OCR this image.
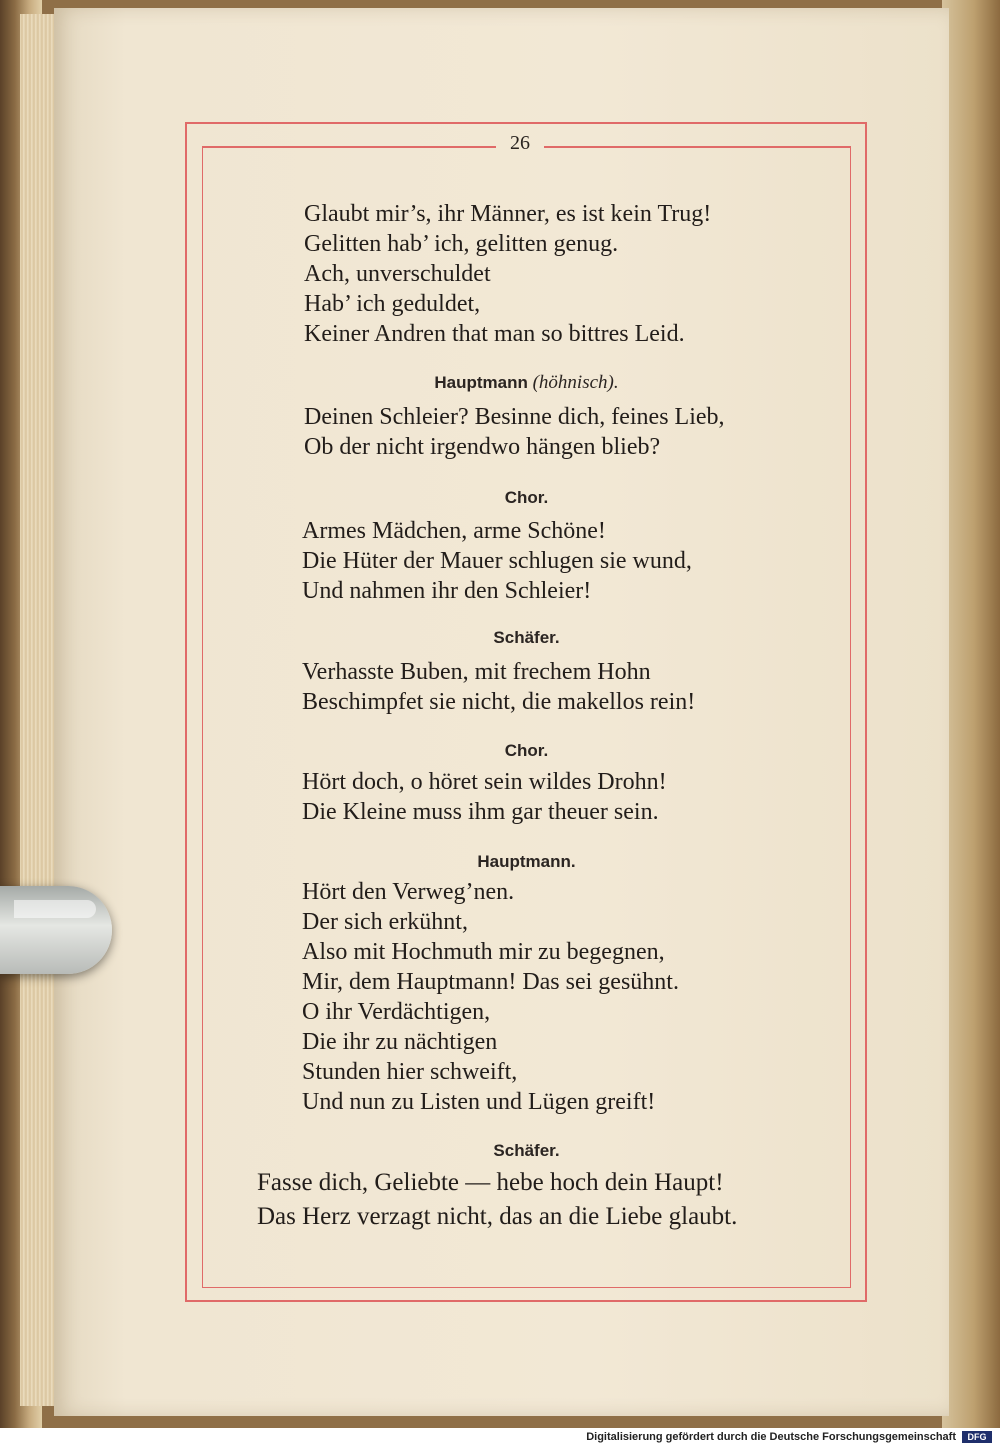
26
Glaubt mir’s, ihr Männer, es ist kein Trug!
Gelitten hab’ ich, gelitten genug.
Ach, unverschuldet
Hab’ ich geduldet,
Keiner Andren that man so bittres Leid.
Hauptmann (höhnisch).
Deinen Schleier? Besinne dich, feines Lieb,
Ob der nicht irgendwo hängen blieb?
Chor.
Armes Mädchen, arme Schöne!
Die Hüter der Mauer schlugen sie wund,
Und nahmen ihr den Schleier!
Schäfer.
Verhasste Buben, mit frechem Hohn
Beschimpfet sie nicht, die makellos rein!
Chor.
Hört doch, o höret sein wildes Drohn!
Die Kleine muss ihm gar theuer sein.
Hauptmann.
Hört den Verweg’nen.
Der sich erkühnt,
Also mit Hochmuth mir zu begegnen,
Mir, dem Hauptmann! Das sei gesühnt.
O ihr Verdächtigen,
Die ihr zu nächtigen
Stunden hier schweift,
Und nun zu Listen und Lügen greift!
Schäfer.
Fasse dich, Geliebte — hebe hoch dein Haupt!
Das Herz verzagt nicht, das an die Liebe glaubt.
Digitalisierung gefördert durch die Deutsche Forschungsgemeinschaft	DFG
